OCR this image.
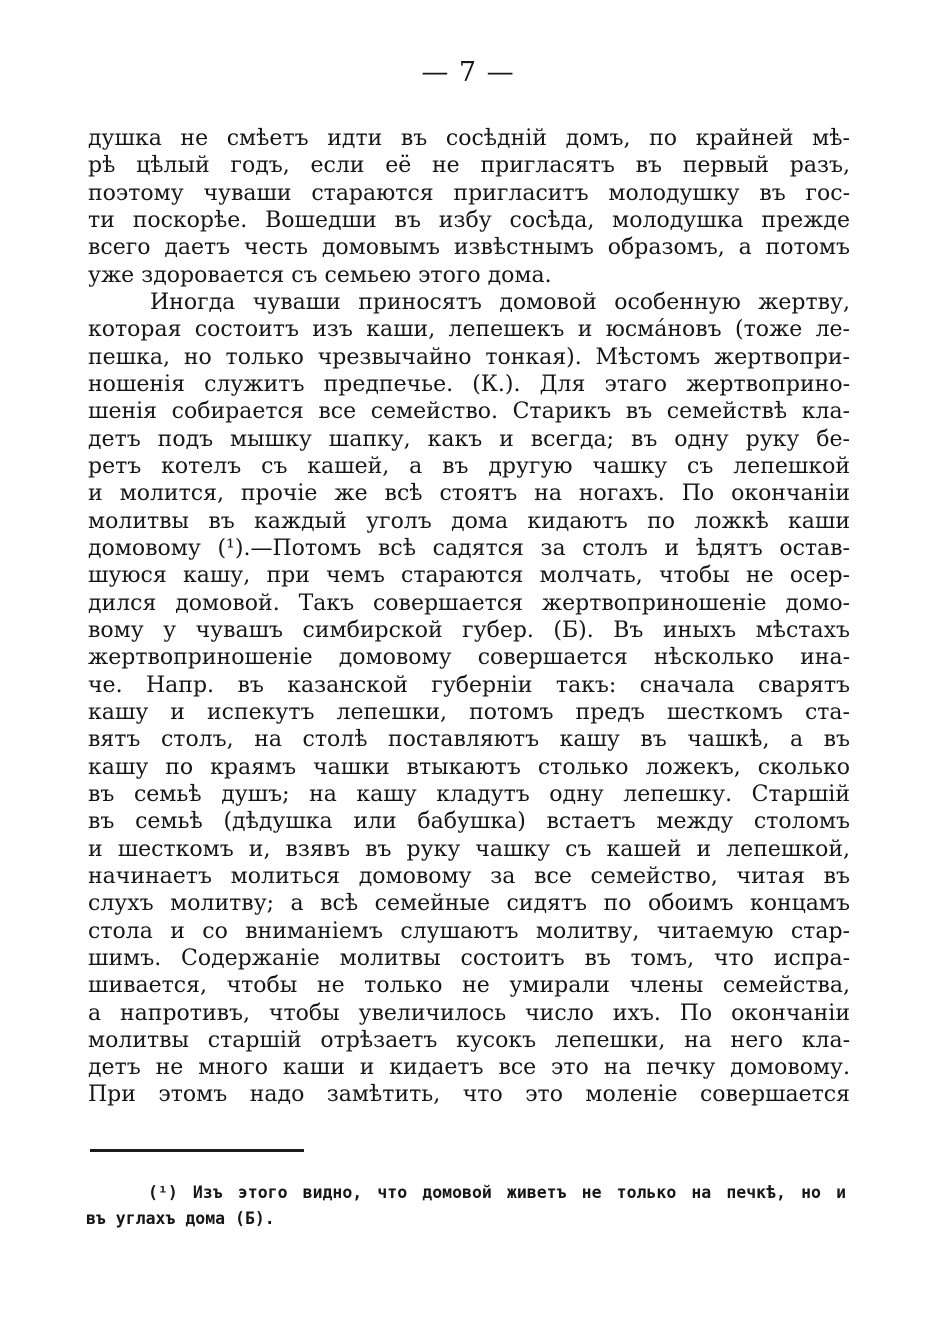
— 7 —
душка не смѣетъ идти въ сосѣдній домъ, по крайней мѣ-
рѣ цѣлый годъ, если её не пригласятъ въ первый разъ,
поэтому чуваши стараются пригласитъ молодушку въ гос-
ти поскорѣе. Вошедши въ избу сосѣда, молодушка прежде
всего даетъ честь домовымъ извѣстнымъ образомъ, а потомъ
уже здоровается съ семьею этого дома.
Иногда чуваши приносятъ домовой особенную жертву,
которая состоитъ изъ каши, лепешекъ и юсмáновъ (тоже ле-
пешка, но только чрезвычайно тонкая). Мѣстомъ жертвопри-
ношенія служитъ предпечье. (К.). Для этаго жертвоприно-
шенія собирается все семейство. Старикъ въ семействѣ кла-
детъ подъ мышку шапку, какъ и всегда; въ одну руку бе-
ретъ котелъ съ кашей, а въ другую чашку съ лепешкой
и молится, прочіе же всѣ стоятъ на ногахъ. По окончаніи
молитвы въ каждый уголъ дома кидаютъ по ложкѣ каши
домовому (¹).—Потомъ всѣ садятся за столъ и ѣдятъ остав-
шуюся кашу, при чемъ стараются молчать, чтобы не осер-
дился домовой. Такъ совершается жертвоприношеніе домо-
вому у чувашъ симбирской губер. (Б). Въ иныхъ мѣстахъ
жертвоприношеніе домовому совершается нѣсколько ина-
че. Напр. въ казанской губерніи такъ: сначала сварятъ
кашу и испекутъ лепешки, потомъ предъ шесткомъ ста-
вятъ столъ, на столѣ поставляютъ кашу въ чашкѣ, а въ
кашу по краямъ чашки втыкаютъ столько ложекъ, сколько
въ семьѣ душъ; на кашу кладутъ одну лепешку. Старшій
въ семьѣ (дѣдушка или бабушка) встаетъ между столомъ
и шесткомъ и, взявъ въ руку чашку съ кашей и лепешкой,
начинаетъ молиться домовому за все семейство, читая въ
слухъ молитву; а всѣ семейные сидятъ по обоимъ концамъ
стола и со вниманіемъ слушаютъ молитву, читаемую стар-
шимъ. Содержаніе молитвы состоитъ въ томъ, что испра-
шивается, чтобы не только не умирали члены семейства,
а напротивъ, чтобы увеличилось число ихъ. По окончаніи
молитвы старшій отрѣзаетъ кусокъ лепешки, на него кла-
детъ не много каши и кидаетъ все это на печку домовому.
При этомъ надо замѣтить, что это моленіе совершается
(¹) Изъ этого видно, что домовой живетъ не только на печкѣ, но и
въ углахъ дома (Б).
